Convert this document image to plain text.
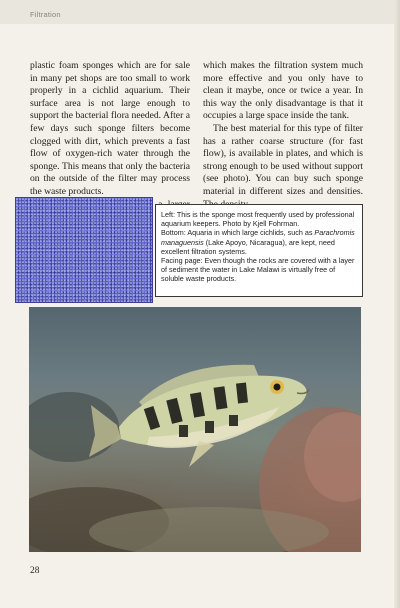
Filtration

plastic foam sponges which are for sale in many pet shops are too small to work properly in a cichlid aquarium. Their surface area is not large enough to support the bacterial flora needed. After a few days such sponge filters become clogged with dirt, which prevents a fast flow of oxygen-rich water through the sponge. This means that only the bacteria on the outside of the filter may process the waste products.

which makes the filtration system much more effective and you only have to clean it maybe, once or twice a year. In this way the only disadvantage is that it occupies a large space inside the tank.

The best material for this type of filter has a rather coarse structure (for fast flow), is available in plates, and which is strong enough to be used without support (see photo). You can buy such sponge material in different sizes and densities.

Left: This is the sponge most frequently used by professional aquarium keepers. Photo by Kjell Fohrman.

Bottom: Aquaria in which large cichlids, such as Parachromis managuensis (Lake Apoyo, Nicaragua), are kept, need excellent filtration systems.

Facing page: Even though the rocks are covered with a layer of sediment the water in Lake Malawi is virtually free of soluble waste products.

28
